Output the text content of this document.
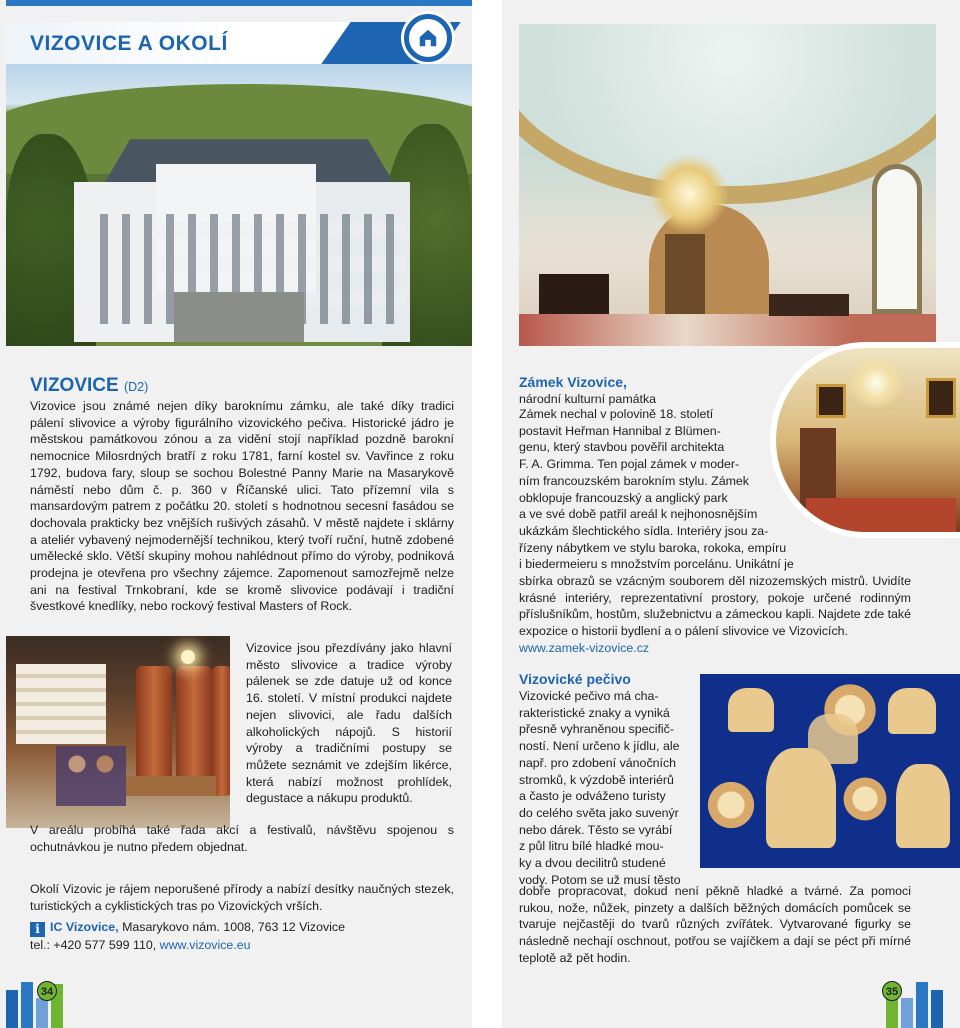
VIZOVICE A OKOLÍ
VIZOVICE (D2)

Vizovice jsou známé nejen díky baroknímu zámku, ale také díky tradici pálení slivovice a výroby figurálního vizovického pečiva. Historické jádro je městskou památkovou zónou a za vidění stojí například pozdně barokní nemocnice Milosrdných bratří z roku 1781, farní kostel sv. Vavřince z roku 1792, budova fary, sloup se sochou Bolestné Panny Marie na Masarykově náměstí nebo dům č. p. 360 v Říčanské ulici. Tato přízemní vila s mansardovým patrem z počátku 20. století s hodnotnou secesní fasádou se dochovala prakticky bez vnějších rušivých zásahů. V městě najdete i sklárny a ateliér vybavený nejmodernější technikou, který tvoří ruční, hutně zdobené umělecké sklo. Větší skupiny mohou nahlédnout přímo do výroby, podniková prodejna je otevřena pro všechny zájemce. Zapomenout samozřejmě nelze ani na festival Trnkobraní, kde se kromě slivovice podávají i tradiční švestkové knedlíky, nebo rockový festival Masters of Rock.

Vizovice jsou přezdívány jako hlavní město slivovice a tradice výroby pálenek se zde datuje už od konce 16. století. V místní produkci najdete nejen slivovici, ale řadu dalších alkoholických nápojů. S historií výroby a tradičními postupy se můžete seznámit ve zdejším likérce, která nabízí možnost prohlídek, degustace a nákupu produktů.

V areálu probíhá také řada akcí a festivalů, návštěvu spojenou s ochutnávkou je nutno předem objednat.

Okolí Vizovic je rájem neporušené přírody a nabízí desítky naučných stezek, turistických a cyklistických tras po Vizovických vrších.

i IC Vizovice, Masarykovo nám. 1008, 763 12 Vizovice
tel.: +420 577 599 110, www.vizovice.eu
Zámek Vizovice,
národní kulturní památka
Zámek nechal v polovině 18. století
postavit Heřman Hannibal z Blümen-
genu, který stavbou pověřil architekta
F. A. Grimma. Ten pojal zámek v moder-
ním francouzském barokním stylu. Zámek
obklopuje francouzský a anglický park
a ve své době patřil areál k nejhonosnějším
ukázkám šlechtického sídla. Interiéry jsou za-
řízeny nábytkem ve stylu baroka, rokoka, empíru
i biedermeieru s množstvím porcelánu. Unikátní je

sbírka obrazů se vzácným souborem děl nizozemských mistrů. Uvidíte krásné interiéry, reprezentativní prostory, pokoje určené rodinným příslušníkům, hostům, služebnictvu a zámeckou kapli. Najdete zde také expozice o historii bydlení a o pálení slivovice ve Vizovicích.

www.zamek-vizovice.cz
Vizovické pečivo
Vizovické pečivo má cha-
rakteristické znaky a vyniká
přesně vyhraněnou specifič-
ností. Není určeno k jídlu, ale
např. pro zdobení vánočních
stromků, k výzdobě interiérů
a často je odváženo turisty
do celého světa jako suvenýr
nebo dárek. Těsto se vyrábí
z půl litru bílé hladké mou-
ky a dvou decilitrů studené
vody. Potom se už musí těsto

dobře propracovat, dokud není pěkně hladké a tvárné. Za pomoci rukou, nože, nůžek, pinzety a dalších běžných domácích pomůcek se tvaruje nejčastěji do tvarů různých zvířátek. Vytvarované figurky se následně nechají oschnout, potřou se vajíčkem a dají se péct při mírné teplotě až pět hodin.

34	35
